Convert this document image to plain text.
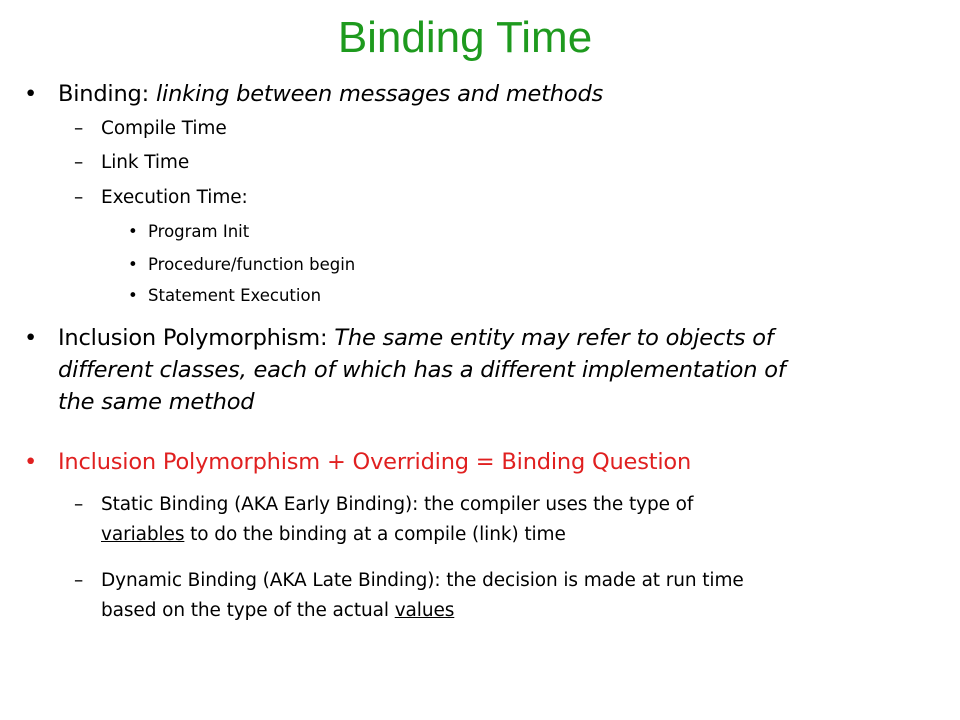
Binding Time
• Binding: linking between messages and methods
– Compile Time
– Link Time
– Execution Time:
• Program Init
• Procedure/function begin
• Statement Execution
• Inclusion Polymorphism: The same entity may refer to objects of
different classes, each of which has a different implementation of
the same method
• Inclusion Polymorphism + Overriding = Binding Question
– Static Binding (AKA Early Binding): the compiler uses the type of
variables to do the binding at a compile (link) time
– Dynamic Binding (AKA Late Binding): the decision is made at run time
based on the type of the actual values
